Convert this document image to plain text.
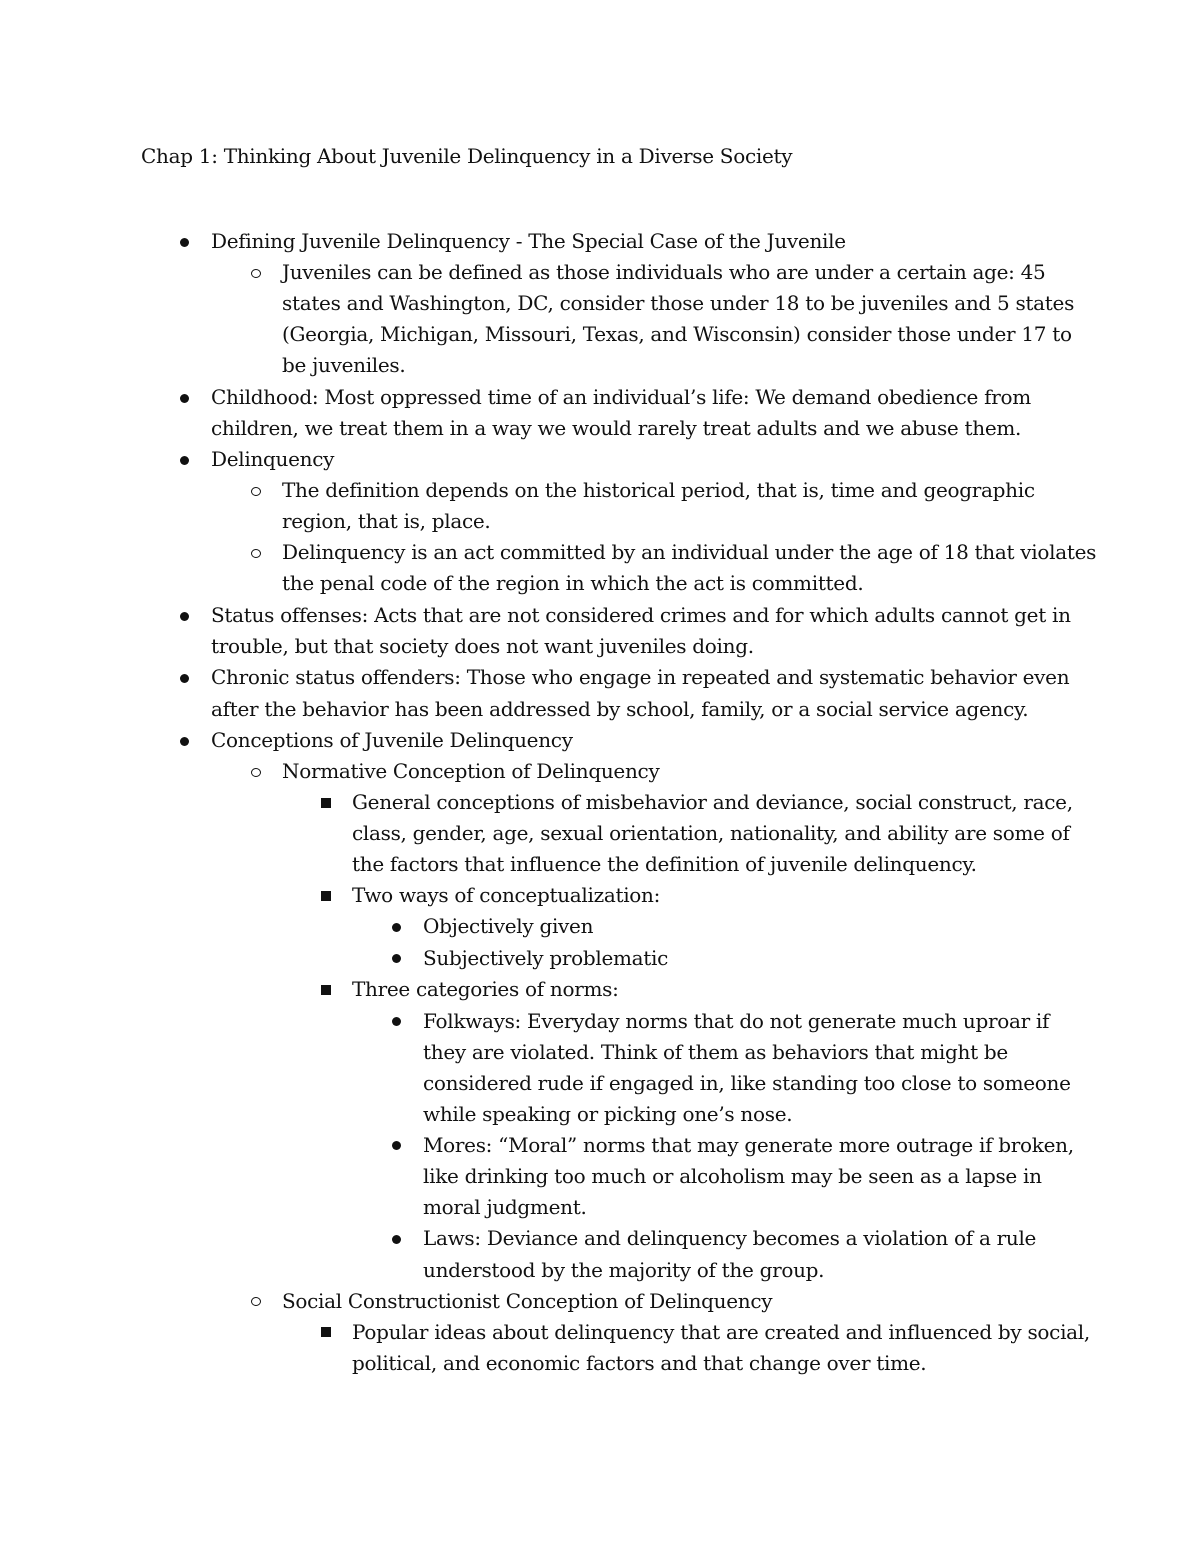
Chap 1: Thinking About Juvenile Delinquency in a Diverse Society
Defining Juvenile Delinquency - The Special Case of the Juvenile
Juveniles can be defined as those individuals who are under a certain age: 45
states and Washington, DC, consider those under 18 to be juveniles and 5 states
(Georgia, Michigan, Missouri, Texas, and Wisconsin) consider those under 17 to
be juveniles.
Childhood: Most oppressed time of an individual’s life: We demand obedience from
children, we treat them in a way we would rarely treat adults and we abuse them.
Delinquency
The definition depends on the historical period, that is, time and geographic
region, that is, place.
Delinquency is an act committed by an individual under the age of 18 that violates
the penal code of the region in which the act is committed.
Status offenses: Acts that are not considered crimes and for which adults cannot get in
trouble, but that society does not want juveniles doing.
Chronic status offenders: Those who engage in repeated and systematic behavior even
after the behavior has been addressed by school, family, or a social service agency.
Conceptions of Juvenile Delinquency
Normative Conception of Delinquency
General conceptions of misbehavior and deviance, social construct, race,
class, gender, age, sexual orientation, nationality, and ability are some of
the factors that influence the definition of juvenile delinquency.
Two ways of conceptualization:
Objectively given
Subjectively problematic
Three categories of norms:
Folkways: Everyday norms that do not generate much uproar if
they are violated. Think of them as behaviors that might be
considered rude if engaged in, like standing too close to someone
while speaking or picking one’s nose.
Mores: “Moral” norms that may generate more outrage if broken,
like drinking too much or alcoholism may be seen as a lapse in
moral judgment.
Laws: Deviance and delinquency becomes a violation of a rule
understood by the majority of the group.
Social Constructionist Conception of Delinquency
Popular ideas about delinquency that are created and influenced by social,
political, and economic factors and that change over time.
